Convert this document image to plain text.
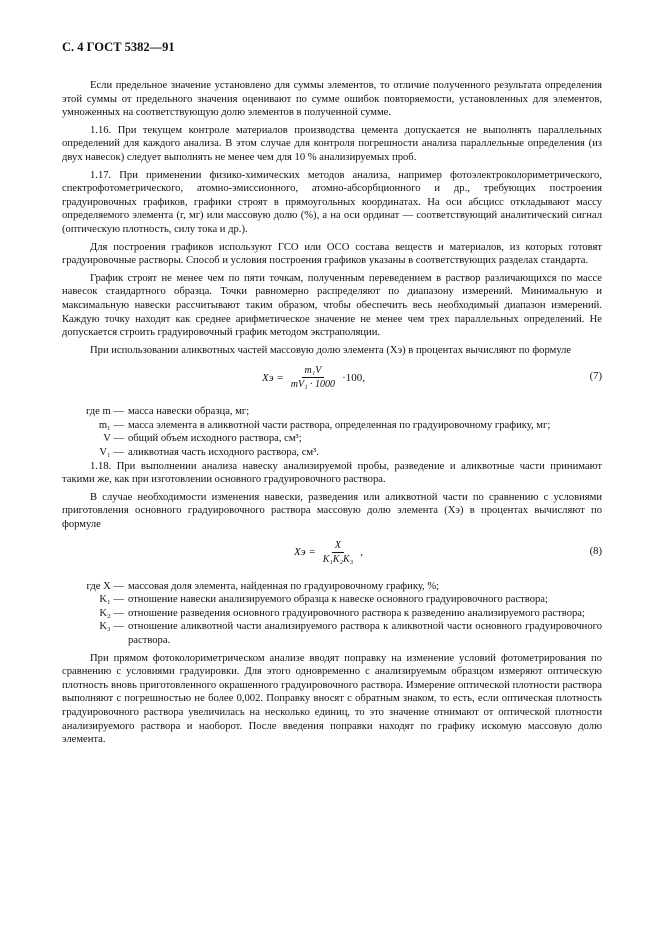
С. 4 ГОСТ 5382—91

Если предельное значение установлено для суммы элементов, то отличие полученного результата определения этой суммы от предельного значения оценивают по сумме ошибок повторяемости, установленных для элементов, умноженных на соответствующую долю элементов в полученной сумме.

1.16. При текущем контроле материалов производства цемента допускается не выполнять параллельных определений для каждого анализа. В этом случае для контроля погрешности анализа параллельные определения (из двух навесок) следует выполнять не менее чем для 10 % анализируемых проб.

1.17. При применении физико-химических методов анализа, например фотоэлектроколориметрического, спектрофотометрического, атомно-эмиссионного, атомно-абсорбционного и др., требующих построения градуировочных графиков, графики строят в прямоугольных координатах. На оси абсцисс откладывают массу определяемого элемента (г, мг) или массовую долю (%), а на оси ординат — соответствующий аналитический сигнал (оптическую плотность, силу тока и др.).

Для построения графиков используют ГСО или ОСО состава веществ и материалов, из которых готовят градуировочные растворы. Способ и условия построения графиков указаны в соответствующих разделах стандарта.

График строят не менее чем по пяти точкам, полученным переведением в раствор различающихся по массе навесок стандартного образца. Точки равномерно распределяют по диапазону измерений. Минимальную и максимальную навески рассчитывают таким образом, чтобы обеспечить весь необходимый диапазон измерений. Каждую точку находят как среднее арифметическое значение не менее чем трех параллельных определений. Не допускается строить градуировочный график методом экстраполяции.

При использовании аликвотных частей массовую долю элемента (Xэ) в процентах вычисляют по формуле

Xэ = $\frac{\text{m₁V}}{\text{mV₁ · 1000}} \cdot 100$,	(7)
где m — масса навески образца, мг;
m₁ — масса элемента в аликвотной части раствора, определенная по градуировочному графику, мг;
V — общий объем исходного раствора, см³;
V₁ — аликвотная часть исходного раствора, см³.

1.18. При выполнении анализа навеску анализируемой пробы, разведение и аликвотные части принимают такими же, как при изготовлении основного градуировочного раствора.

В случае необходимости изменения навески, разведения или аликвотной части по сравнению с условиями приготовления основного градуировочного раствора массовую долю элемента (Xэ) в процентах вычисляют по формуле

Xэ = $\frac{X}{\text{K₁K₂K₃}}$ ,	(8)
где X — массовая доля элемента, найденная по градуировочному графику, %;
K₁ — отношение навески анализируемого образца к навеске основного градуировочного раствора;
K₂ — отношение разведения основного градуировочного раствора к разведению анализируемого раствора;
K₃ — отношение аликвотной части анализируемого раствора к аликвотной части основного градуировочного раствора.

При прямом фотоколориметрическом анализе вводят поправку на изменение условий фотометрирования по сравнению с условиями градуировки. Для этого одновременно с анализируемым образцом измеряют оптическую плотность вновь приготовленного окрашенного градуировочного раствора. Измерение оптической плотности раствора выполняют с погрешностью не более 0,002. Поправку вносят с обратным знаком, то есть, если оптическая плотность градуировочного раствора увеличилась на несколько единиц, то это значение отнимают от оптической плотности анализируемого раствора и наоборот. После введения поправки находят по графику искомую массовую долю элемента.
